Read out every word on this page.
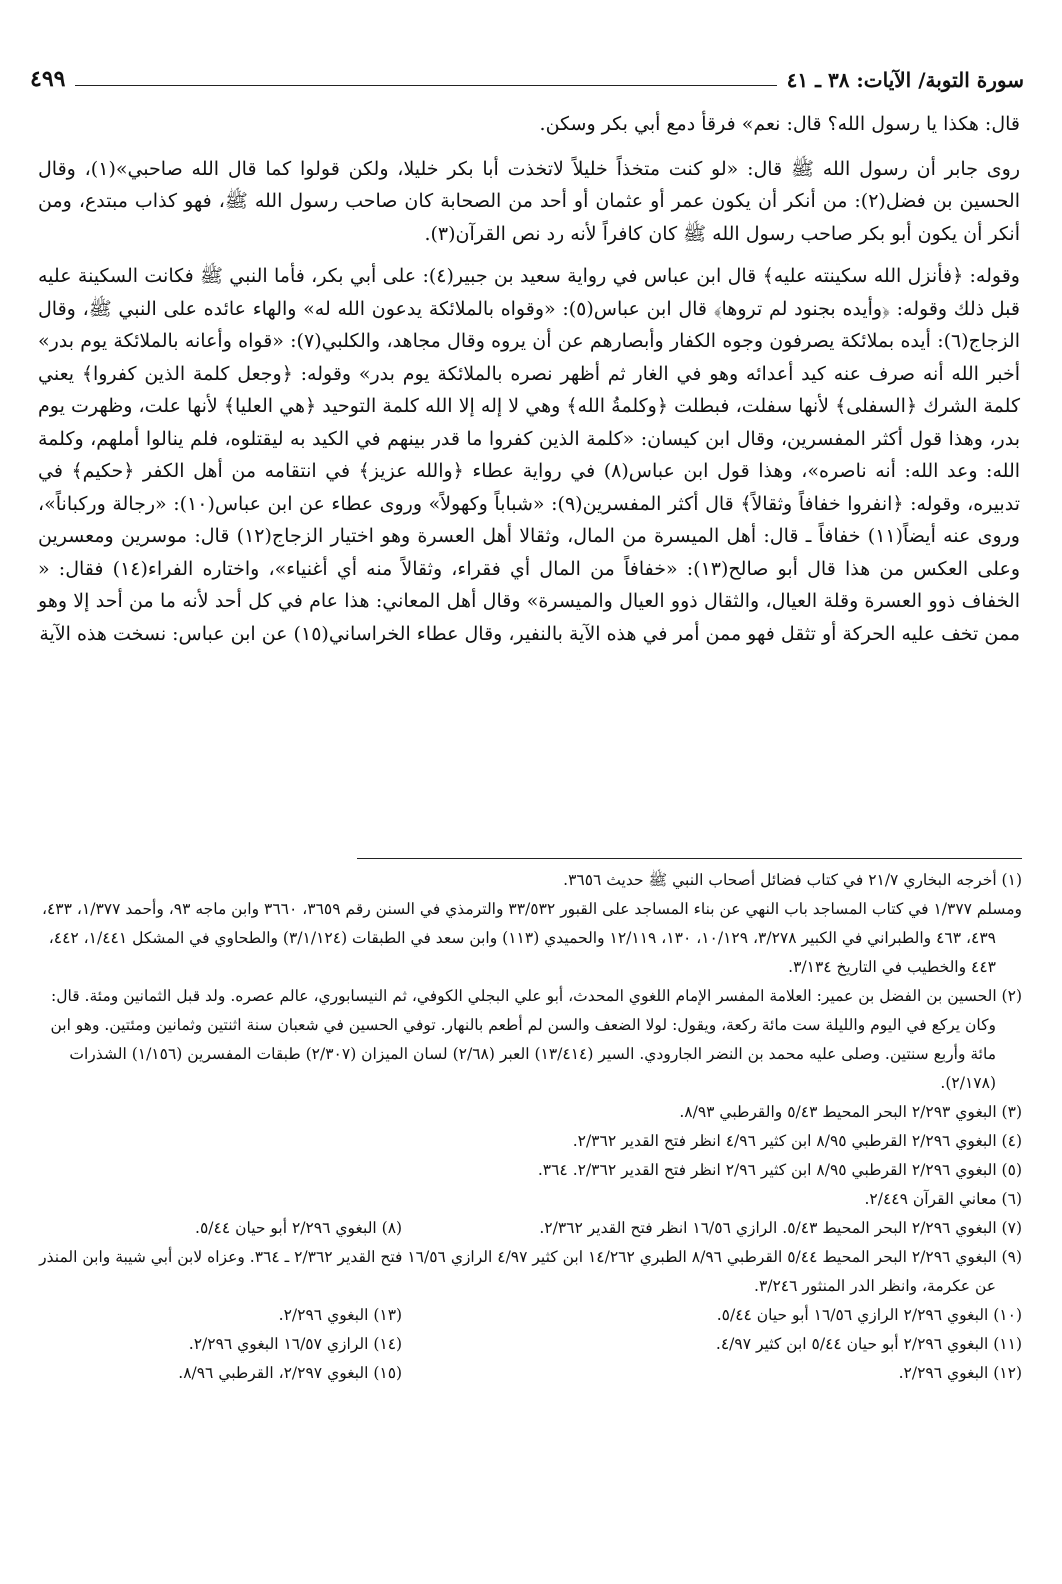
سورة التوبة/ الآيات: ٣٨ ـ ٤١
٤٩٩

قال: هكذا يا رسول الله؟ قال: نعم» فرقأ دمع أبي بكر وسكن.

روى جابر أن رسول الله ﷺ قال: «لو كنت متخذاً خليلاً لاتخذت أبا بكر خليلا، ولكن قولوا كما قال الله صاحبي»(١)، وقال الحسين بن فضل(٢): من أنكر أن يكون عمر أو عثمان أو أحد من الصحابة كان صاحب رسول الله ﷺ، فهو كذاب مبتدع، ومن أنكر أن يكون أبو بكر صاحب رسول الله ﷺ كان كافراً لأنه رد نص القرآن(٣).

وقوله: ﴿فأنزل الله سكينته عليه﴾ قال ابن عباس في رواية سعيد بن جبير(٤): على أبي بكر، فأما النبي ﷺ فكانت السكينة عليه قبل ذلك وقوله: ﴿وأيده بجنود لم تروها﴾ قال ابن عباس(٥): «وقواه بالملائكة يدعون الله له» والهاء عائده على النبي ﷺ، وقال الزجاج(٦): أيده بملائكة يصرفون وجوه الكفار وأبصارهم عن أن يروه وقال مجاهد، والكلبي(٧): «قواه وأعانه بالملائكة يوم بدر» أخبر الله أنه صرف عنه كيد أعدائه وهو في الغار ثم أظهر نصره بالملائكة يوم بدر» وقوله: ﴿وجعل كلمة الذين كفروا﴾ يعني كلمة الشرك ﴿السفلى﴾ لأنها سفلت، فبطلت ﴿وكلمةُ الله﴾ وهي لا إله إلا الله كلمة التوحيد ﴿هي العليا﴾ لأنها علت، وظهرت يوم بدر، وهذا قول أكثر المفسرين، وقال ابن كيسان: «كلمة الذين كفروا ما قدر بينهم في الكيد به ليقتلوه، فلم ينالوا أملهم، وكلمة الله: وعد الله: أنه ناصره»، وهذا قول ابن عباس(٨) في رواية عطاء ﴿والله عزيز﴾ في انتقامه من أهل الكفر ﴿حكيم﴾ في تدبيره، وقوله: ﴿انفروا خفافاً وثقالاً﴾ قال أكثر المفسرين(٩): «شباباً وكهولاً» وروى عطاء عن ابن عباس(١٠): «رجالة وركباناً»، وروى عنه أيضاً(١١) خفافاً ـ قال: أهل الميسرة من المال، وثقالا أهل العسرة وهو اختيار الزجاج(١٢) قال: موسرين ومعسرين وعلى العكس من هذا قال أبو صالح(١٣): «خفافاً من المال أي فقراء، وثقالاً منه أي أغنياء»، واختاره الفراء(١٤) فقال: « الخفاف ذوو العسرة وقلة العيال، والثقال ذوو العيال والميسرة» وقال أهل المعاني: هذا عام في كل أحد لأنه ما من أحد إلا وهو ممن تخف عليه الحركة أو تثقل فهو ممن أمر في هذه الآية بالنفير، وقال عطاء الخراساني(١٥) عن ابن عباس: نسخت هذه الآية

(١) أخرجه البخاري ٢١/٧ في كتاب فضائل أصحاب النبي ﷺ حديث ٣٦٥٦.

ومسلم ١/٣٧٧ في كتاب المساجد باب النهي عن بناء المساجد على القبور ٣٣/٥٣٢ والترمذي في السنن رقم ٣٦٥٩، ٣٦٦٠ وابن ماجه ٩٣، وأحمد ١/٣٧٧، ٤٣٣، ٤٣٩، ٤٦٣ والطبراني في الكبير ٣/٢٧٨، ١٠/١٢٩، ١٣٠، ١٢/١١٩ والحميدي (١١٣) وابن سعد في الطبقات (٣/١/١٢٤) والطحاوي في المشكل ١/٤٤١، ٤٤٢، ٤٤٣ والخطيب في التاريخ ٣/١٣٤.

(٢) الحسين بن الفضل بن عمير: العلامة المفسر الإمام اللغوي المحدث، أبو علي البجلي الكوفي، ثم النيسابوري، عالم عصره. ولد قبل الثمانين ومئة. قال: وكان يركع في اليوم والليلة ست مائة ركعة، ويقول: لولا الضعف والسن لم أطعم بالنهار. توفي الحسين في شعبان سنة اثنتين وثمانين ومئتين. وهو ابن مائة وأربع سنتين. وصلى عليه محمد بن النضر الجارودي. السير (١٣/٤١٤) العبر (٢/٦٨) لسان الميزان (٢/٣٠٧) طبقات المفسرين (١/١٥٦) الشذرات (٢/١٧٨).

(٣) البغوي ٢/٢٩٣ البحر المحيط ٥/٤٣ والقرطبي ٨/٩٣.

(٤) البغوي ٢/٢٩٦ القرطبي ٨/٩٥ ابن كثير ٤/٩٦ انظر فتح القدير ٢/٣٦٢.

(٥) البغوي ٢/٢٩٦ القرطبي ٨/٩٥ ابن كثير ٢/٩٦ انظر فتح القدير ٢/٣٦٢. ٣٦٤.

(٦) معاني القرآن ٢/٤٤٩.

(٧) البغوي ٢/٢٩٦ البحر المحيط ٥/٤٣. الرازي ١٦/٥٦ انظر فتح القدير ٢/٣٦٢.

(٨) البغوي ٢/٢٩٦ أبو حيان ٥/٤٤.

(٩) البغوي ٢/٢٩٦ البحر المحيط ٥/٤٤ القرطبي ٨/٩٦ الطبري ١٤/٢٦٢ ابن كثير ٤/٩٧ الرازي ١٦/٥٦ فتح القدير ٢/٣٦٢ ـ ٣٦٤. وعزاه لابن أبي شيبة وابن المنذر عن عكرمة، وانظر الدر المنثور ٣/٢٤٦.

(١٠) البغوي ٢/٢٩٦ الرازي ١٦/٥٦ أبو حيان ٥/٤٤.

(١٣) البغوي ٢/٢٩٦.

(١١) البغوي ٢/٢٩٦ أبو حيان ٥/٤٤ ابن كثير ٤/٩٧.

(١٤) الرازي ١٦/٥٧ البغوي ٢/٢٩٦.

(١٢) البغوي ٢/٢٩٦.

(١٥) البغوي ٢/٢٩٧، القرطبي ٨/٩٦.
